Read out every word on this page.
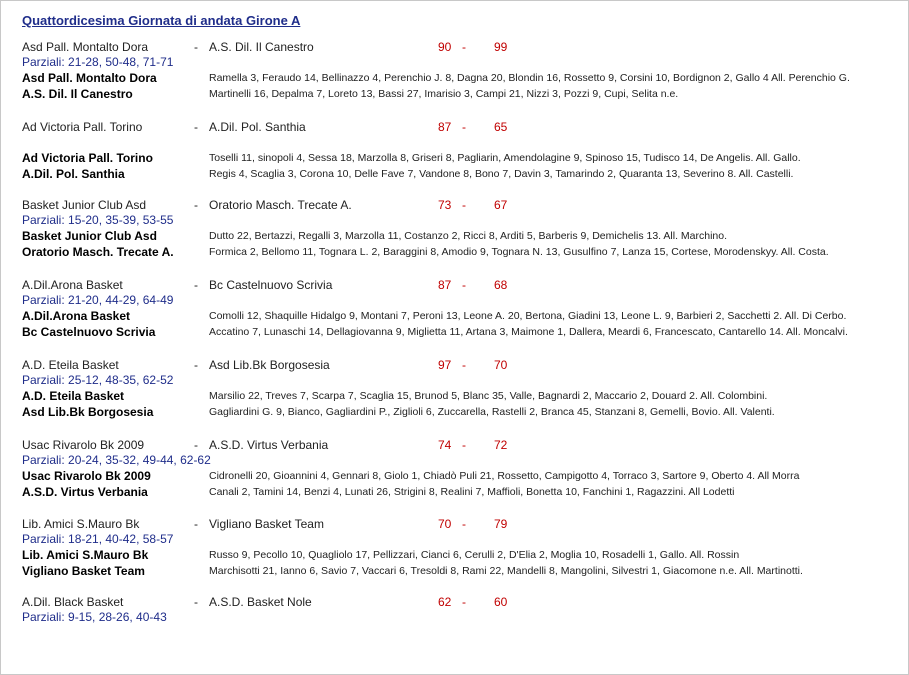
Quattordicesima Giornata di andata Girone A
Asd Pall. Montalto Dora	- A.S. Dil. Il Canestro	90 - 99
Parziali: 21-28, 50-48, 71-71
Asd Pall. Montalto Dora	Ramella 3, Feraudo 14, Bellinazzo 4, Perenchio J. 8, Dagna 20, Blondin 16, Rossetto 9, Corsini 10, Bordignon 2, Gallo 4 All. Perenchio G.
A.S. Dil. Il Canestro	Martinelli 16, Depalma 7, Loreto 13, Bassi 27, Imarisio 3, Campi 21, Nizzi 3, Pozzi 9, Cupi, Selita n.e.
Ad Victoria Pall. Torino	- A.Dil. Pol. Santhia	87 - 65
Ad Victoria Pall. Torino	Toselli 11, sinopoli 4, Sessa 18, Marzolla 8, Griseri 8, Pagliarin, Amendolagine 9, Spinoso 15, Tudisco 14, De Angelis. All. Gallo.
A.Dil. Pol. Santhia	Regis 4, Scaglia 3, Corona 10, Delle Fave 7, Vandone 8, Bono 7, Davin 3, Tamarindo 2, Quaranta 13, Severino 8. All. Castelli.
Basket Junior Club Asd	- Oratorio Masch. Trecate A.	73 - 67
Parziali: 15-20, 35-39, 53-55
Basket Junior Club Asd	Dutto 22, Bertazzi, Regalli 3, Marzolla 11, Costanzo 2, Ricci 8, Arditi 5, Barberis 9, Demichelis 13. All. Marchino.
Oratorio Masch. Trecate A.	Formica 2, Bellomo 11, Tognara L. 2, Baraggini 8, Amodio 9, Tognara N. 13, Gusulfino 7, Lanza 15, Cortese, Morodenskyy. All. Costa.
A.Dil.Arona Basket	- Bc Castelnuovo Scrivia	87 - 68
Parziali: 21-20, 44-29, 64-49
A.Dil.Arona Basket	Comolli 12, Shaquille Hidalgo 9, Montani 7, Peroni 13, Leone A. 20, Bertona, Giadini 13, Leone L. 9, Barbieri 2, Sacchetti 2. All. Di Cerbo.
Bc Castelnuovo Scrivia	Accatino 7, Lunaschi 14, Dellagiovanna 9, Miglietta 11, Artana 3, Maimone 1, Dallera, Meardi 6, Francescato, Cantarello 14. All. Moncalvi.
A.D. Eteila Basket	- Asd Lib.Bk Borgosesia	97 - 70
Parziali: 25-12, 48-35, 62-52
A.D. Eteila Basket	Marsilio 22, Treves 7, Scarpa 7, Scaglia 15, Brunod 5, Blanc 35, Valle, Bagnardi 2, Maccario 2, Douard 2. All. Colombini.
Asd Lib.Bk Borgosesia	Gagliardini G. 9, Bianco, Gagliardini P., Ziglioli 6, Zuccarella, Rastelli 2, Branca 45, Stanzani 8, Gemelli, Bovio. All. Valenti.
Usac Rivarolo Bk 2009	- A.S.D. Virtus Verbania	74 - 72
Parziali: 20-24, 35-32, 49-44, 62-62
Usac Rivarolo Bk 2009	Cidronelli 20, Gioannini 4, Gennari 8, Giolo 1, Chiadò Puli 21, Rossetto, Campigotto 4, Torraco 3, Sartore 9, Oberto 4. All Morra
A.S.D. Virtus Verbania	Canali 2, Tamini 14, Benzi 4, Lunati 26, Strigini 8, Realini 7, Maffioli, Bonetta 10, Fanchini 1, Ragazzini. All Lodetti
Lib. Amici S.Mauro Bk	- Vigliano Basket Team	70 - 79
Parziali: 18-21, 40-42, 58-57
Lib. Amici S.Mauro Bk	Russo 9, Pecollo 10, Quagliolo 17, Pellizzari, Cianci 6, Cerulli 2, D'Elia 2, Moglia 10, Rosadelli 1, Gallo. All. Rossin
Vigliano Basket Team	Marchisotti 21, Ianno 6, Savio 7, Vaccari 6, Tresoldi 8, Rami 22, Mandelli 8, Mangolini, Silvestri 1, Giacomone n.e. All. Martinotti.
A.Dil. Black Basket	- A.S.D. Basket Nole	62 - 60
Parziali: 9-15, 28-26, 40-43
